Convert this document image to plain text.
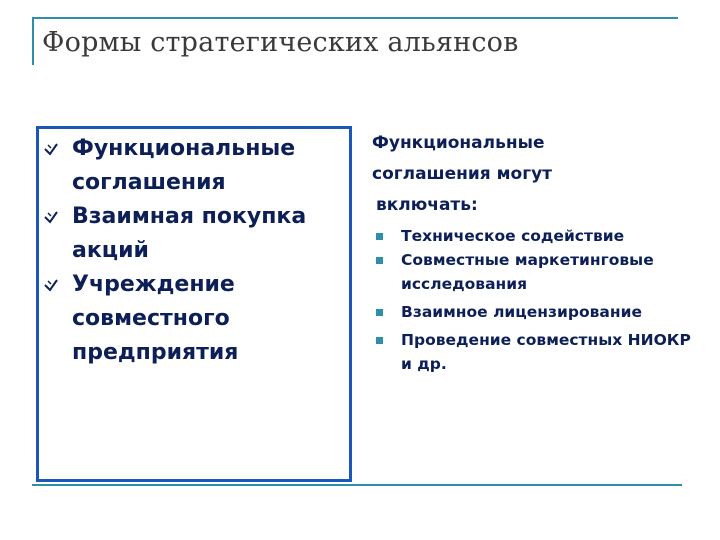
Формы стратегических альянсов
Функциональные соглашения
Взаимная покупка акций
Учреждение совместного предприятия
Функциональные
соглашения могут
включать:
Техническое содействие
Совместные маркетинговые исследования
Взаимное лицензирование
Проведение совместных НИОКР и др.
